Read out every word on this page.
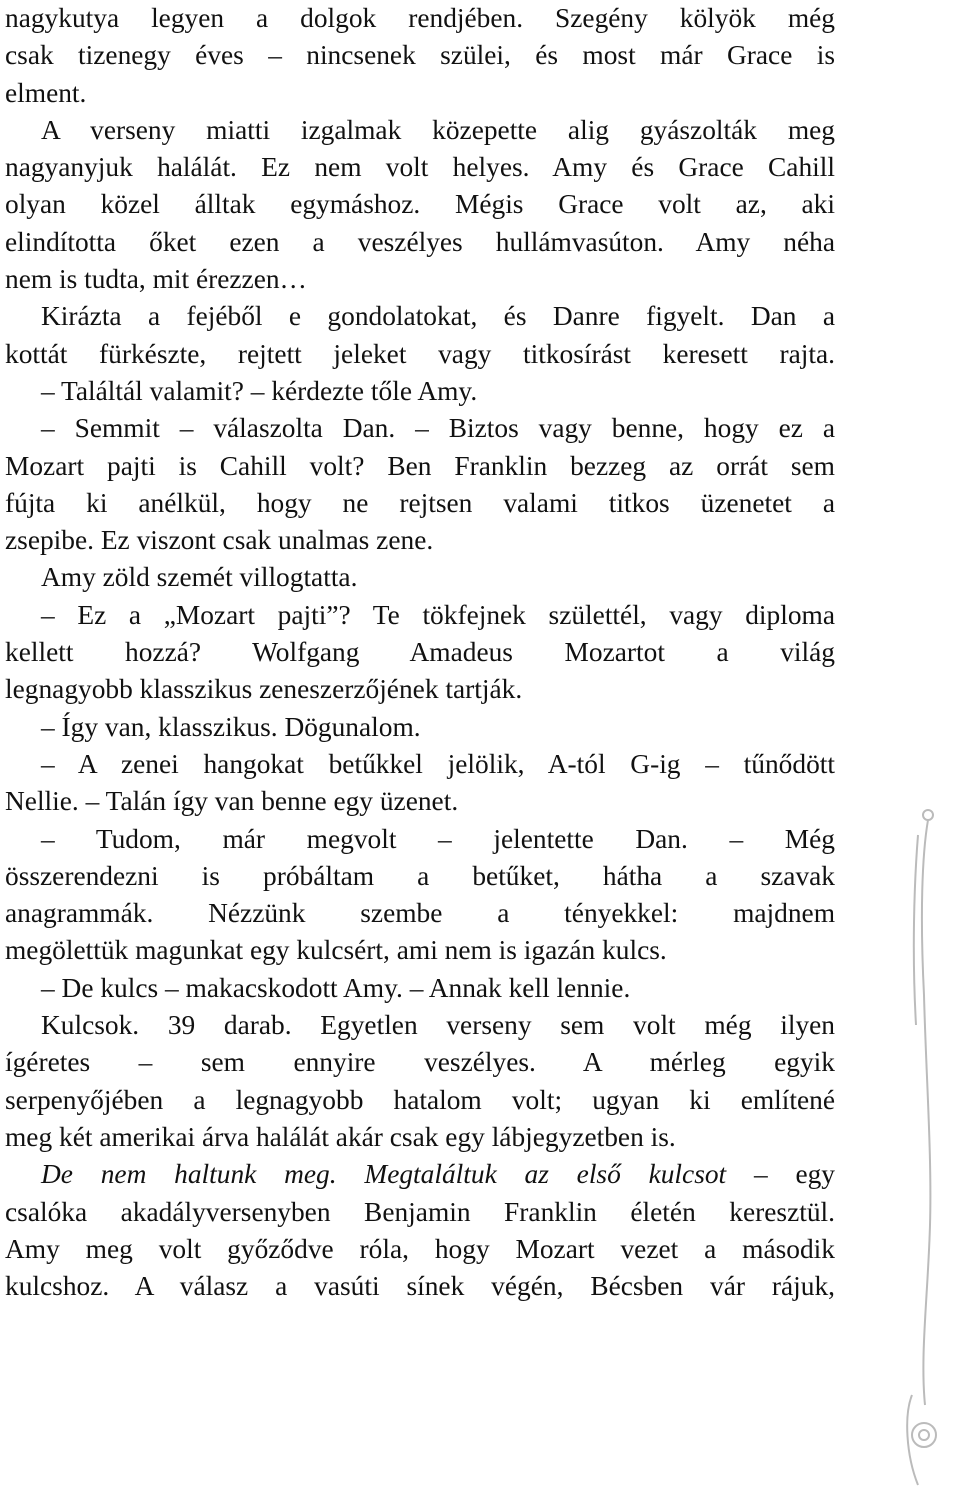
nagykutya legyen a dolgok rendjében. Szegény kölyök még
csak tizenegy éves – nincsenek szülei, és most már Grace is
elment.
A verseny miatti izgalmak közepette alig gyászolták meg
nagyanyjuk halálát. Ez nem volt helyes. Amy és Grace Cahill
olyan közel álltak egymáshoz. Mégis Grace volt az, aki
elindította őket ezen a veszélyes hullámvasúton. Amy néha
nem is tudta, mit érezzen…
Kirázta a fejéből e gondolatokat, és Danre figyelt. Dan a
kottát fürkészte, rejtett jeleket vagy titkosírást keresett rajta.
– Találtál valamit? – kérdezte tőle Amy.
– Semmit – válaszolta Dan. – Biztos vagy benne, hogy ez a
Mozart pajti is Cahill volt? Ben Franklin bezzeg az orrát sem
fújta ki anélkül, hogy ne rejtsen valami titkos üzenetet a
zsepibe. Ez viszont csak unalmas zene.
Amy zöld szemét villogtatta.
– Ez a „Mozart pajti”? Te tökfejnek születtél, vagy diploma
kellett hozzá? Wolfgang Amadeus Mozartot a világ
legnagyobb klasszikus zeneszerzőjének tartják.
– Így van, klasszikus. Dögunalom.
– A zenei hangokat betűkkel jelölik, A-tól G-ig – tűnődött
Nellie. – Talán így van benne egy üzenet.
– Tudom, már megvolt – jelentette Dan. – Még
összerendezni is próbáltam a betűket, hátha a szavak
anagrammák. Nézzünk szembe a tényekkel: majdnem
megölettük magunkat egy kulcsért, ami nem is igazán kulcs.
– De kulcs – makacskodott Amy. – Annak kell lennie.
Kulcsok. 39 darab. Egyetlen verseny sem volt még ilyen
ígéretes – sem ennyire veszélyes. A mérleg egyik
serpenyőjében a legnagyobb hatalom volt; ugyan ki említené
meg két amerikai árva halálát akár csak egy lábjegyzetben is.
De nem haltunk meg. Megtaláltuk az első kulcsot – egy
csalóka akadályversenyben Benjamin Franklin életén keresztül.
Amy meg volt győződve róla, hogy Mozart vezet a második
kulcshoz. A válasz a vasúti sínek végén, Bécsben vár rájuk,
